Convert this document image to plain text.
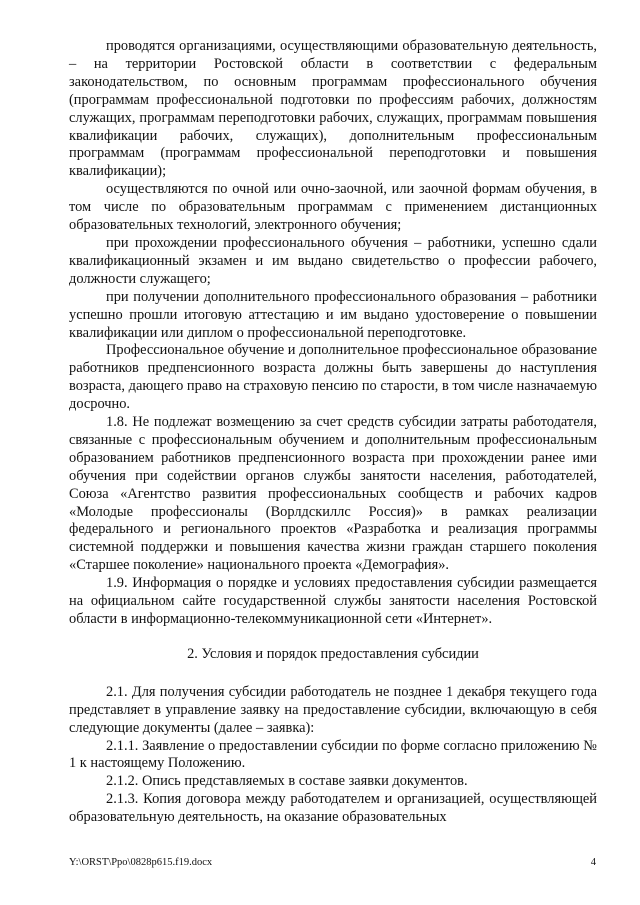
проводятся организациями, осуществляющими образовательную деятельность, – на территории Ростовской области в соответствии с федеральным законодательством, по основным программам профессионального обучения (программам профессиональной подготовки по профессиям рабочих, должностям служащих, программам переподготовки рабочих, служащих, программам повышения квалификации рабочих, служащих), дополнительным профессиональным программам (программам профессиональной переподготовки и повышения квалификации);

осуществляются по очной или очно-заочной, или заочной формам обучения, в том числе по образовательным программам с применением дистанционных образовательных технологий, электронного обучения;

при прохождении профессионального обучения – работники, успешно сдали квалификационный экзамен и им выдано свидетельство о профессии рабочего, должности служащего;

при получении дополнительного профессионального образования – работники успешно прошли итоговую аттестацию и им выдано удостоверение о повышении квалификации или диплом о профессиональной переподготовке.

Профессиональное обучение и дополнительное профессиональное образование работников предпенсионного возраста должны быть завершены до наступления возраста, дающего право на страховую пенсию по старости, в том числе назначаемую досрочно.

1.8. Не подлежат возмещению за счет средств субсидии затраты работодателя, связанные с профессиональным обучением и дополнительным профессиональным образованием работников предпенсионного возраста при прохождении ранее ими обучения при содействии органов службы занятости населения, работодателей, Союза «Агентство развития профессиональных сообществ и рабочих кадров «Молодые профессионалы (Ворлдскиллс Россия)» в рамках реализации федерального и регионального проектов «Разработка и реализация программы системной поддержки и повышения качества жизни граждан старшего поколения «Старшее поколение» национального проекта «Демография».

1.9. Информация о порядке и условиях предоставления субсидии размещается на официальном сайте государственной службы занятости населения Ростовской области в информационно-телекоммуникационной сети «Интернет».

2. Условия и порядок предоставления субсидии

2.1. Для получения субсидии работодатель не позднее 1 декабря текущего года представляет в управление заявку на предоставление субсидии, включающую в себя следующие документы (далее – заявка):

2.1.1. Заявление о предоставлении субсидии по форме согласно приложению № 1 к настоящему Положению.

2.1.2. Опись представляемых в составе заявки документов.

2.1.3. Копия договора между работодателем и организацией, осуществляющей образовательную деятельность, на оказание образовательных

Y:\ORST\Ppo\0828p615.f19.docx	4
